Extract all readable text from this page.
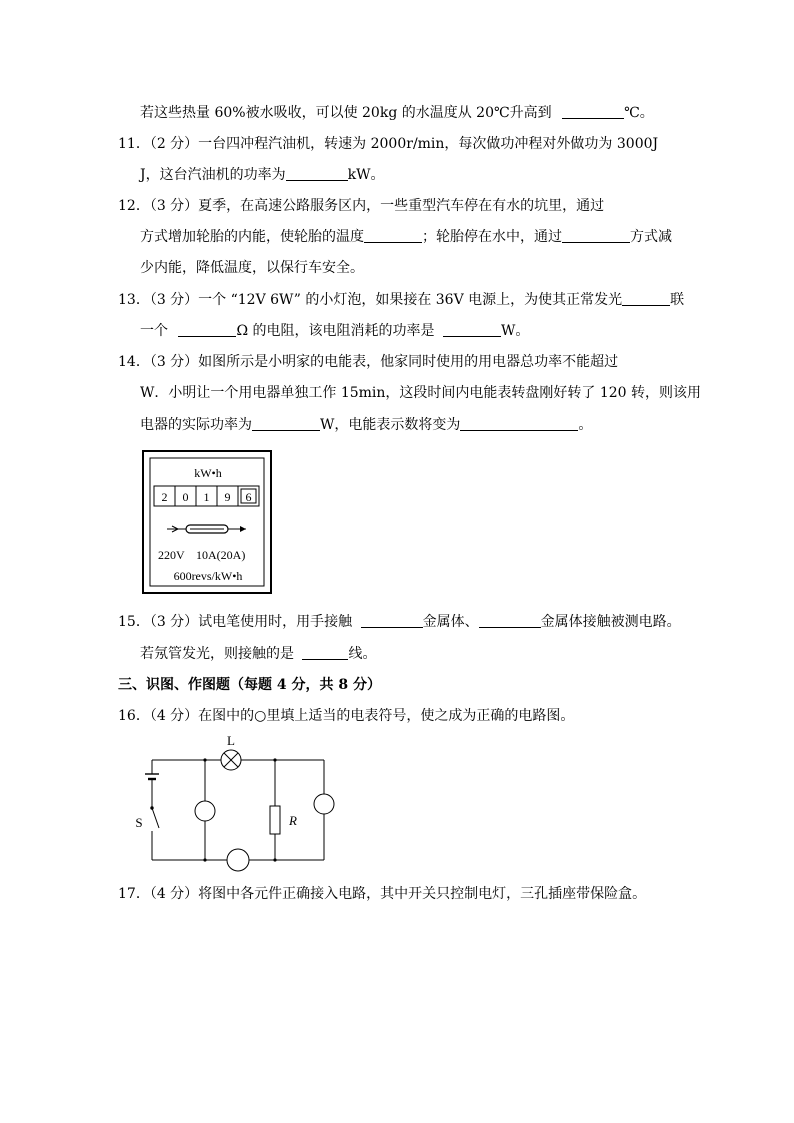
若这些热量 60%被水吸收，可以使 20kg 的水温度从 20℃升高到	℃。
11．（2 分）一台四冲程汽油机，转速为 2000r/min，每次做功冲程对外做功为 3000J
J，这台汽油机的功率为	kW。
12．（3 分）夏季，在高速公路服务区内，一些重型汽车停在有水的坑里，通过
方式增加轮胎的内能，使轮胎的温度	；轮胎停在水中，通过	方式减
少内能，降低温度，以保行车安全。
13．（3 分）一个 “12V 6W” 的小灯泡，如果接在 36V 电源上，为使其正常发光	联
一个	Ω 的电阻，该电阻消耗的功率是	W。
14．（3 分）如图所示是小明家的电能表，他家同时使用的用电器总功率不能超过
W．小明让一个用电器单独工作 15min，这段时间内电能表转盘刚好转了 120 转，则该用
电器的实际功率为	W，电能表示数将变为	。
kW•h
2 0 1 9 6
220V 10A(20A)
600revs/kW•h
15．（3 分）试电笔使用时，用手接触	金属体、	金属体接触被测电路。
若氖管发光，则接触的是	线。
三、识图、作图题（每题 4 分，共 8 分）
16．（4 分）在图中的○里填上适当的电表符号，使之成为正确的电路图。
L
S	R
17．（4 分）将图中各元件正确接入电路，其中开关只控制电灯，三孔插座带保险盒。
